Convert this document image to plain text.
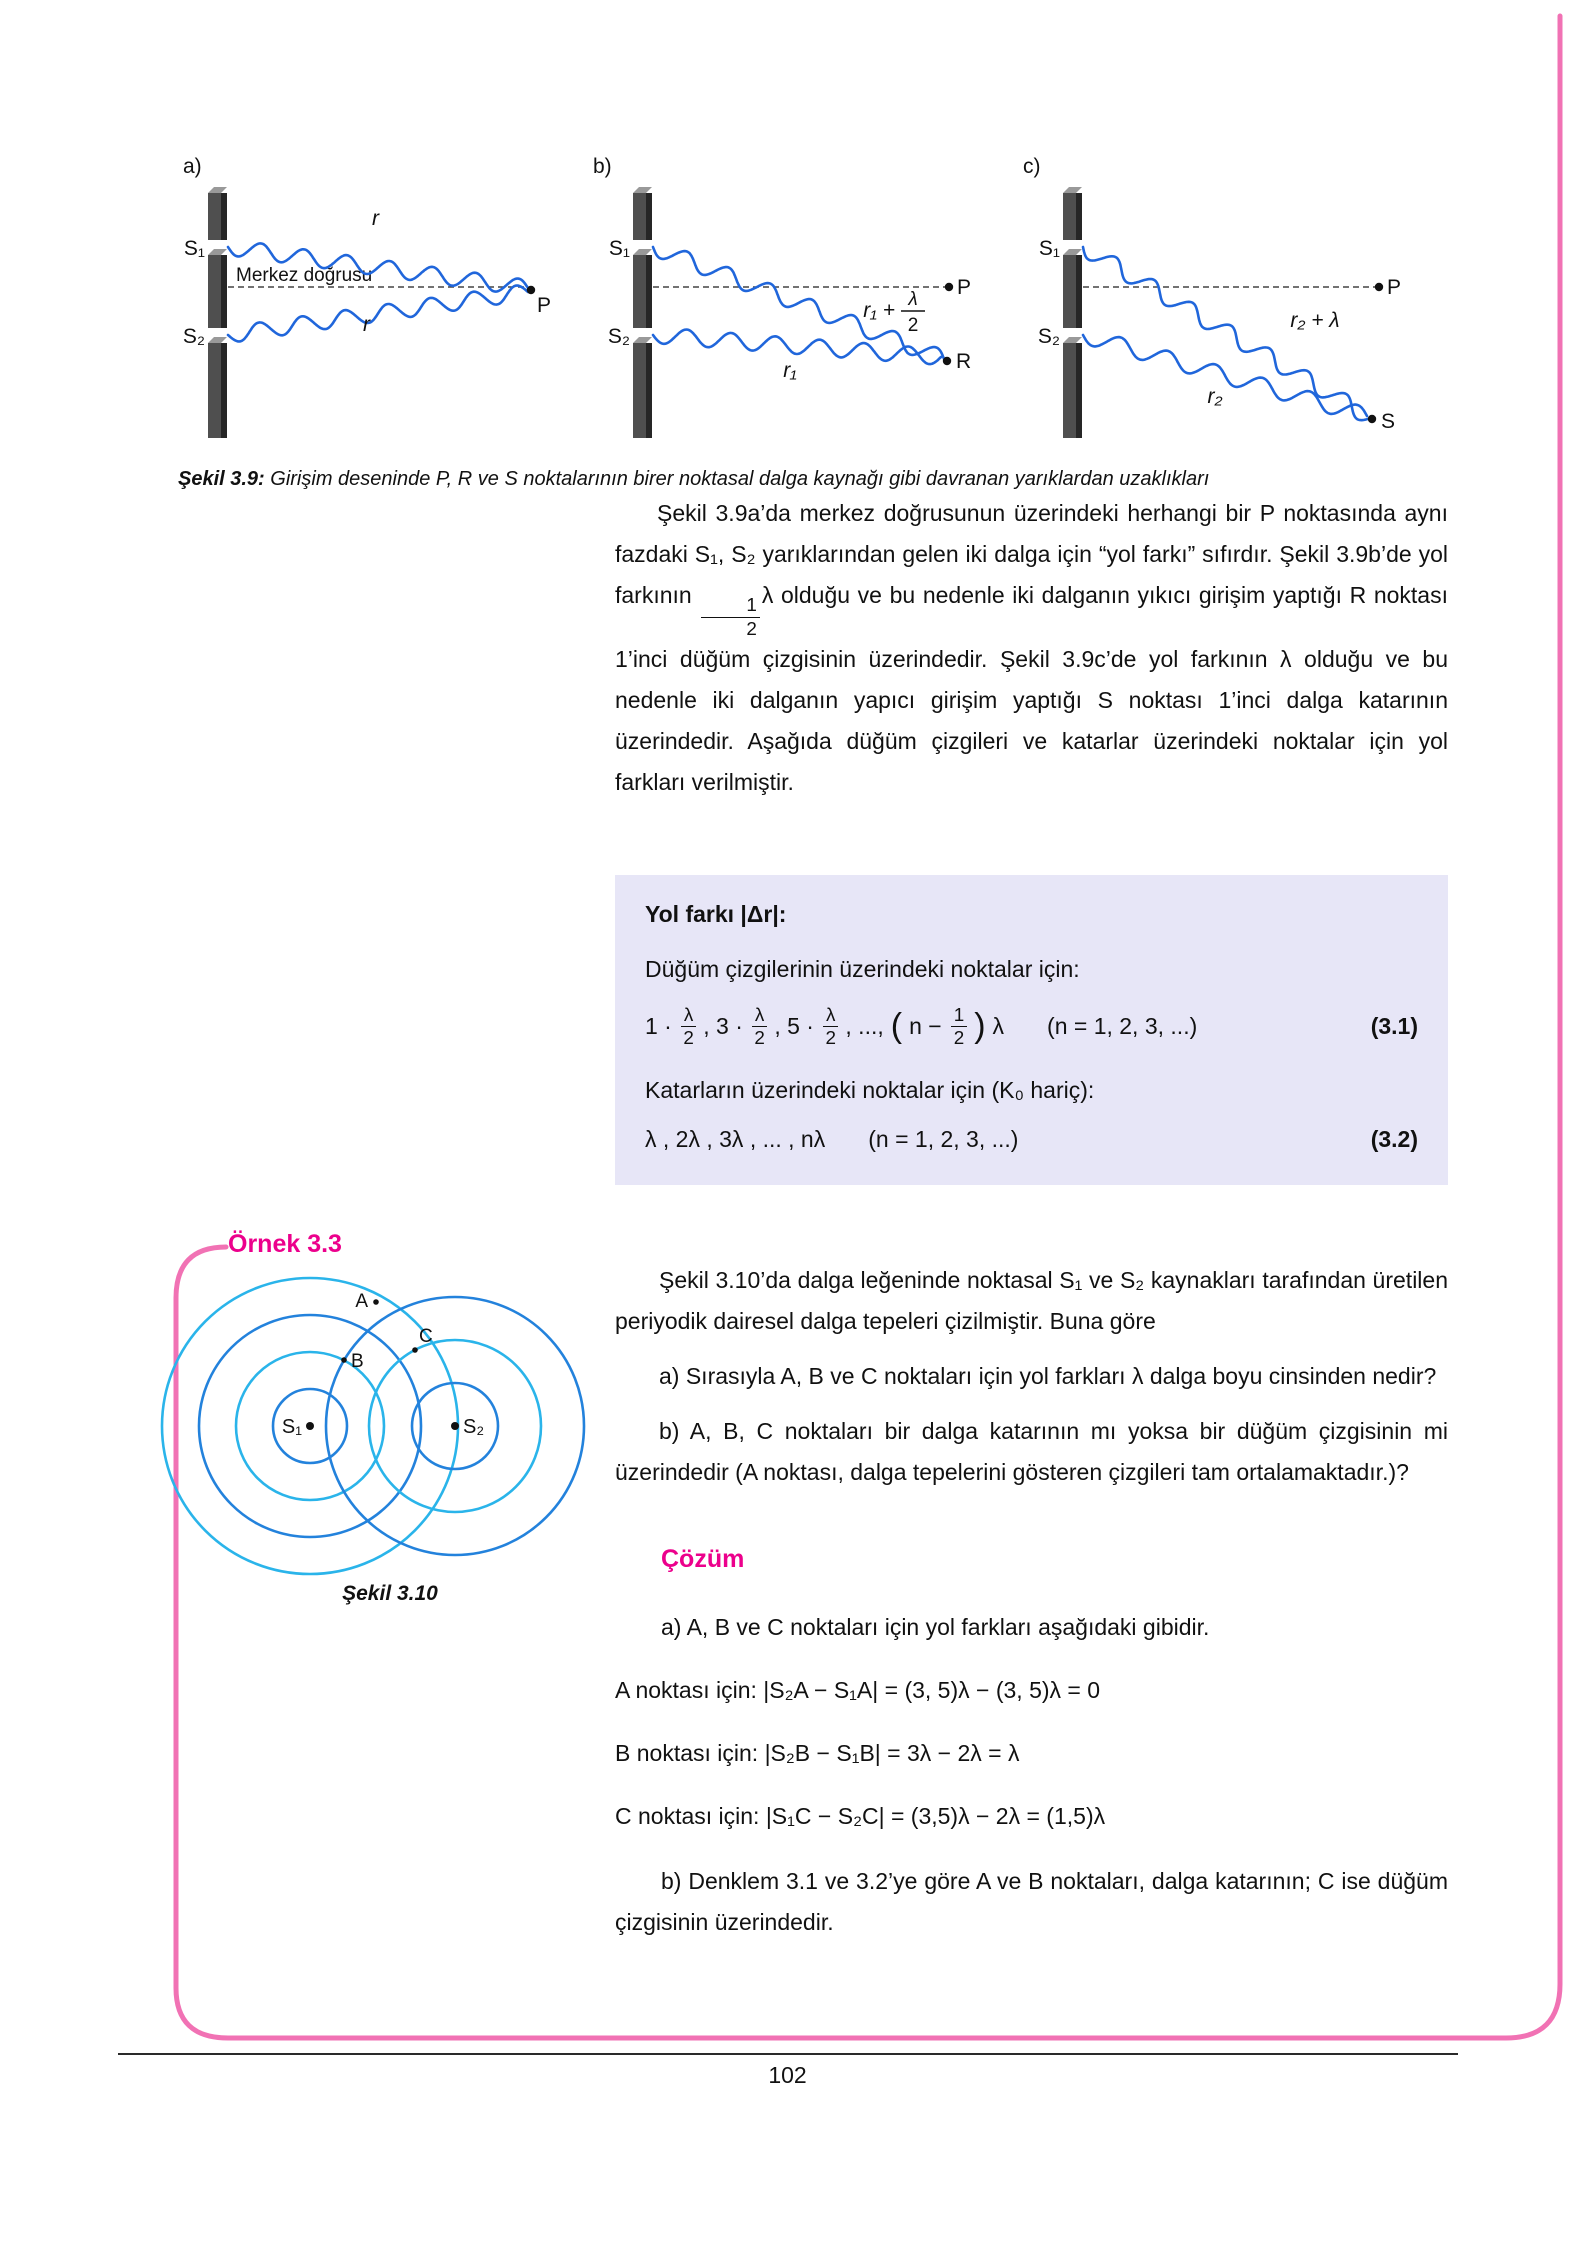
a)
S₁
S₂
Merkez doğrusu
r
r
P
b)
S₁
S₂
P
r₁ + λ
2
r₁	R
c)
S₁
S₂
P
r₂ + λ
r₂
S
Şekil 3.9: Girişim deseninde P, R ve S noktalarının birer noktasal dalga kaynağı gibi davranan yarıklardan uzaklıkları
Şekil 3.9a’da merkez doğrusunun üzerindeki herhangi bir P noktasında aynı fazdaki S₁, S₂ yarıklarından gelen iki dalga için “yol farkı” sıfırdır. Şekil 3.9b’de yol farkının
$\frac{1}{2}$
λ olduğu ve bu nedenle iki dalganın yıkıcı girişim yaptığı R noktası 1’inci düğüm çizgisinin üzerindedir. Şekil 3.9c’de yol farkının λ olduğu ve bu nedenle iki dalganın yapıcı girişim yaptığı S noktası 1’inci dalga katarının üzerindedir. Aşağıda düğüm çizgileri ve katarlar üzerindeki noktalar için yol farkları verilmiştir.
Yol farkı |Δr|:
Düğüm çizgilerinin üzerindeki noktalar için:
$1 \cdot \frac{\lambda}{2}$ , $3 \cdot \frac{\lambda}{2}$ , $5 \cdot \frac{\lambda}{2}$ , ..., ( $n - \frac{1}{2}$ ) λ (n = 1, 2, 3, ...)	(3.1)
Katarların üzerindeki noktalar için (K₀ hariç):
λ , 2λ , 3λ , ... , nλ (n = 1, 2, 3, ...)	(3.2)
Örnek 3.3
S₁	S₂
A
B
C
Şekil 3.10

Şekil 3.10’da dalga leğeninde noktasal S₁ ve S₂ kaynakları tarafından üretilen periyodik dairesel dalga tepeleri çizilmiştir. Buna göre

a) Sırasıyla A, B ve C noktaları için yol farkları λ dalga boyu cinsinden nedir?

b) A, B, C noktaları bir dalga katarının mı yoksa bir düğüm çizgisinin mi üzerindedir (A noktası, dalga tepelerini gösteren çizgileri tam ortalamaktadır.)?

Çözüm

a) A, B ve C noktaları için yol farkları aşağıdaki gibidir.

A noktası için: |S₂A − S₁A| = (3, 5)λ − (3, 5)λ = 0

B noktası için: |S₂B − S₁B| = 3λ − 2λ = λ

C noktası için: |S₁C − S₂C| = (3,5)λ − 2λ = (1,5)λ

b) Denklem 3.1 ve 3.2’ye göre A ve B noktaları, dalga katarının; C ise düğüm çizgisinin üzerindedir.

102
